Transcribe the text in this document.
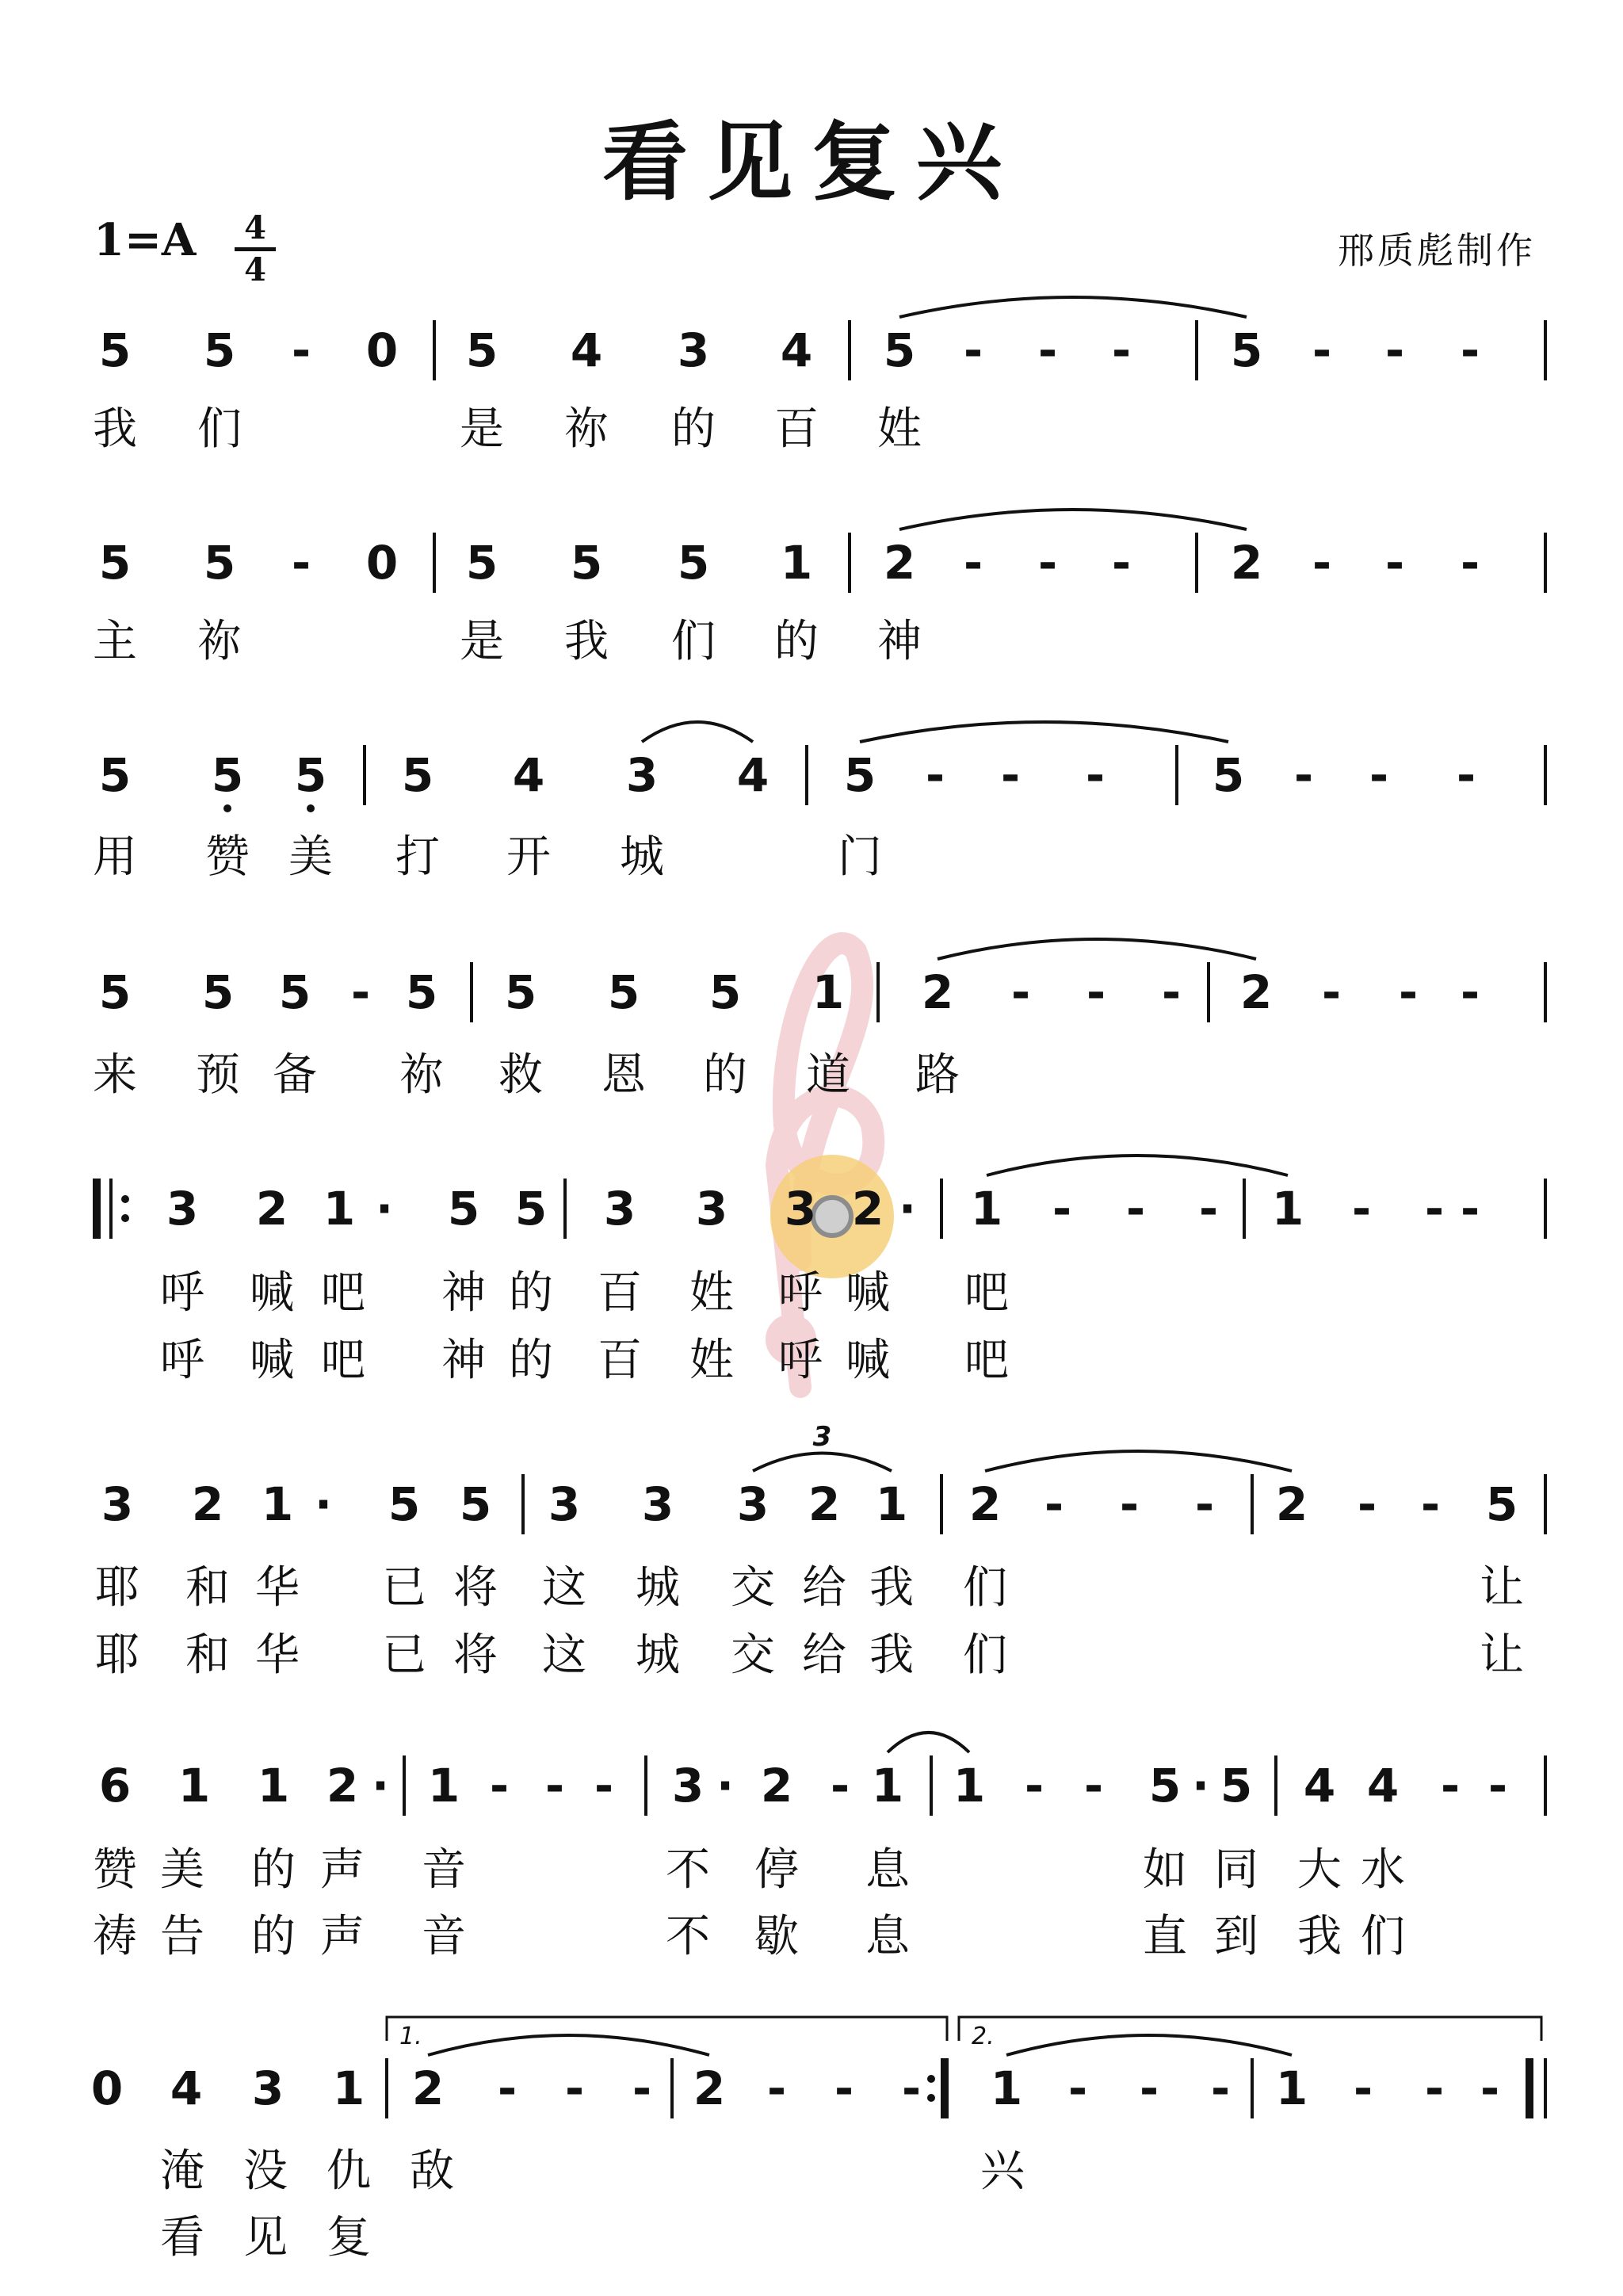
看见复兴
1=A	4
4	邢质彪制作
5 5 - 0 5 4 3 4 5 - - - 5 - - -
我 们	是 祢 的 百 姓
5 5 - 0 5 5 5 1 2 - - - 2 - - -
主 祢	是 我 们 的 神
5 5 5 5 4 3 4 5 - - - 5 - - -
用 赞 美 打 开 城	门
5 5 5 - 5 5 5 5 1 2 - - - 2 - - -
来 预 备 祢 救 恩 的 道 路
3 2 1 · 5 5 3 3 3 2 · 1 - - - 1 - - -
呼 喊 吧 神 的 百 姓 呼 喊 吧
呼 喊 吧 神 的 百 姓 呼 喊 吧
3 2 1 · 5 5 3 3 3 2 1 2 - - - 2 - - 5
3
耶 和 华 已 将 这 城 交 给 我 们	让
耶 和 华 已 将 这 城 交 给 我 们	让
6 1 1 2 · 1 - - - 3 · 2 - 1 1 - - 5 · 5 4 4 - -
赞 美 的 声 音	不 停 息	如 同 大 水
祷 告 的 声 音	不 歇 息	直 到 我 们
0 4 3 1 2 - - - 2 - - - 1 - - - 1 - - -
1.	2.
淹 没 仇 敌	兴
看 见 复
